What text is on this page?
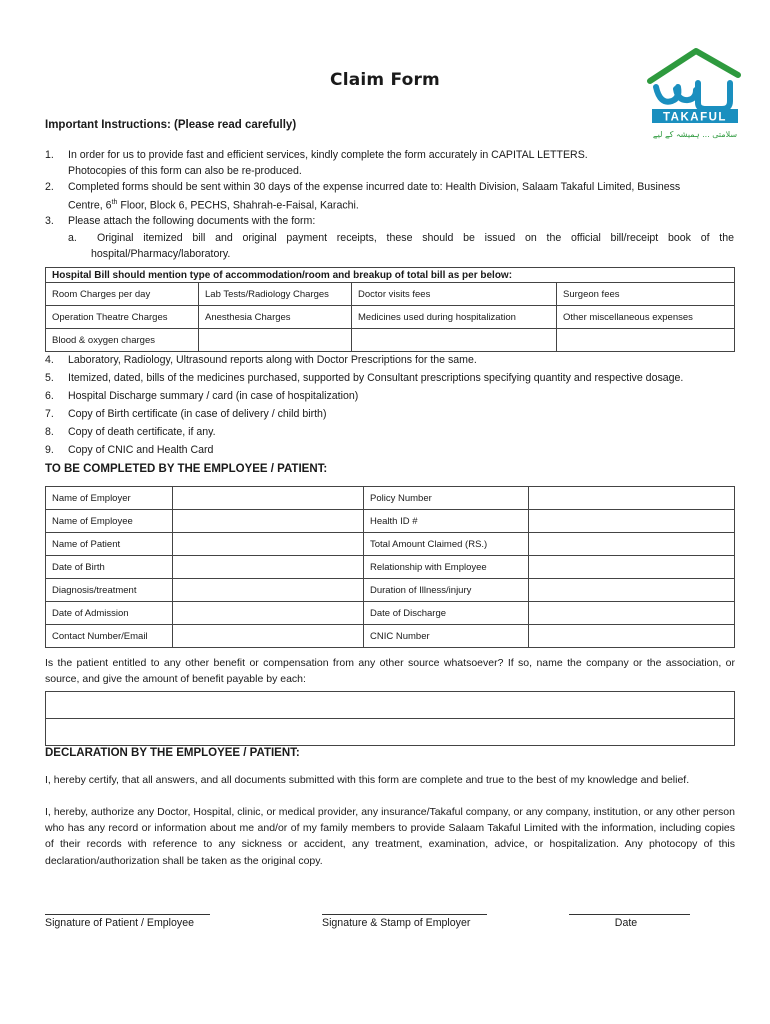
Claim Form
TAKAFUL
سلامتی ... ہمیشہ کے لیے
Important Instructions: (Please read carefully)
1. In order for us to provide fast and efficient services, kindly complete the form accurately in CAPITAL LETTERS.
Photocopies of this form can also be re-produced.
2. Completed forms should be sent within 30 days of the expense incurred date to: Health Division, Salaam Takaful Limited, Business
Centre, 6th Floor, Block 6, PECHS, Shahrah-e-Faisal, Karachi.
3. Please attach the following documents with the form:
a. Original itemized bill and original payment receipts, these should be issued on the official bill/receipt book of the
hospital/Pharmacy/laboratory.
Hospital Bill should mention type of accommodation/room and breakup of total bill as per below:			
Room Charges per day	Lab Tests/Radiology Charges	Doctor visits fees	Surgeon fees
Operation Theatre Charges	Anesthesia Charges	Medicines used during hospitalization	Other miscellaneous expenses
Blood & oxygen charges			
4. Laboratory, Radiology, Ultrasound reports along with Doctor Prescriptions for the same.
5. Itemized, dated, bills of the medicines purchased, supported by Consultant prescriptions specifying quantity and respective dosage.
6. Hospital Discharge summary / card (in case of hospitalization)
7. Copy of Birth certificate (in case of delivery / child birth)
8. Copy of death certificate, if any.
9. Copy of CNIC and Health Card
TO BE COMPLETED BY THE EMPLOYEE / PATIENT:
Name of Employer		Policy Number	
Name of Employee		Health ID #	
Name of Patient		Total Amount Claimed (RS.)	
Date of Birth		Relationship with Employee	
Diagnosis/treatment		Duration of Illness/injury	
Date of Admission		Date of Discharge	
Contact Number/Email		CNIC Number	
Is the patient entitled to any other benefit or compensation from any other source whatsoever? If so, name the company or the association, or source, and give the amount of benefit payable by each:

DECLARATION BY THE EMPLOYEE / PATIENT:
I, hereby certify, that all answers, and all documents submitted with this form are complete and true to the best of my knowledge and belief.
I, hereby, authorize any Doctor, Hospital, clinic, or medical provider, any insurance/Takaful company, or any company, institution, or any other person who has any record or information about me and/or of my family members to provide Salaam Takaful Limited with the information, including copies of their records with reference to any sickness or accident, any treatment, examination, advice, or hospitalization. Any photocopy of this declaration/authorization shall be taken as the original copy.
Signature of Patient / Employee	Signature & Stamp of Employer	Date
